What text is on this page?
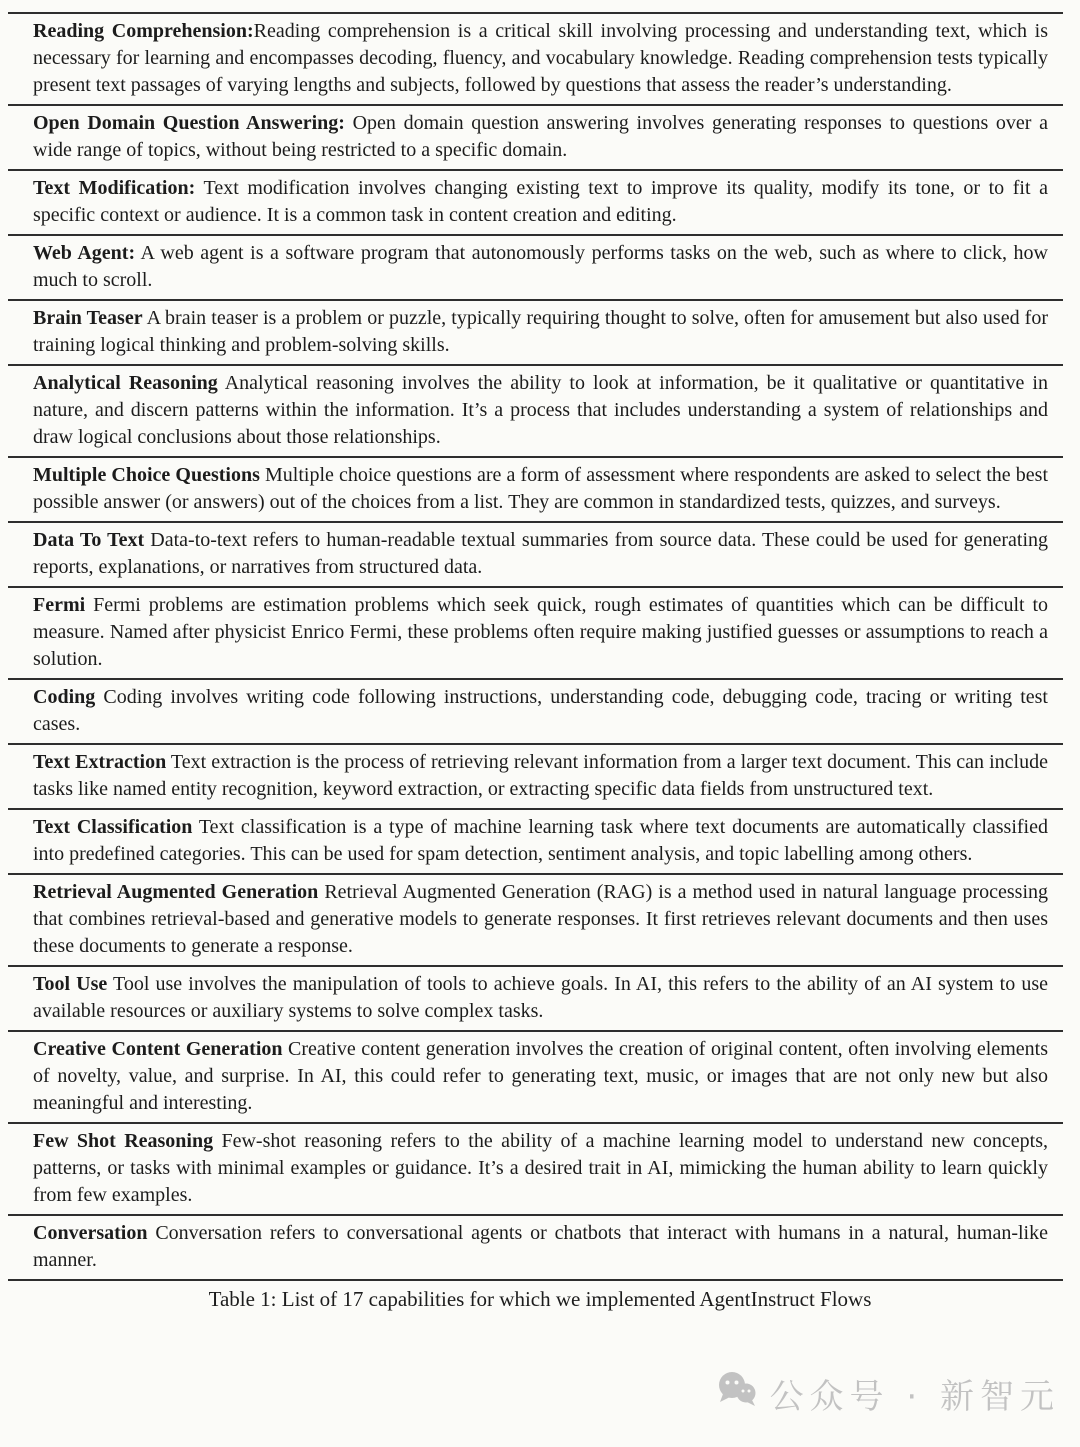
Reading Comprehension:Reading comprehension is a critical skill involving processing and understanding text, which is necessary for learning and encompasses decoding, fluency, and vocabulary knowledge. Reading comprehension tests typically present text passages of varying lengths and subjects, followed by questions that assess the reader’s understanding.

Open Domain Question Answering: Open domain question answering involves generating responses to questions over a wide range of topics, without being restricted to a specific domain.

Text Modification: Text modification involves changing existing text to improve its quality, modify its tone, or to fit a specific context or audience. It is a common task in content creation and editing.

Web Agent: A web agent is a software program that autonomously performs tasks on the web, such as where to click, how much to scroll.

Brain Teaser A brain teaser is a problem or puzzle, typically requiring thought to solve, often for amusement but also used for training logical thinking and problem-solving skills.

Analytical Reasoning Analytical reasoning involves the ability to look at information, be it qualitative or quantitative in nature, and discern patterns within the information. It’s a process that includes understanding a system of relationships and draw logical conclusions about those relationships.

Multiple Choice Questions Multiple choice questions are a form of assessment where respondents are asked to select the best possible answer (or answers) out of the choices from a list. They are common in standardized tests, quizzes, and surveys.

Data To Text Data-to-text refers to human-readable textual summaries from source data. These could be used for generating reports, explanations, or narratives from structured data.

Fermi Fermi problems are estimation problems which seek quick, rough estimates of quantities which can be difficult to measure. Named after physicist Enrico Fermi, these problems often require making justified guesses or assumptions to reach a solution.

Coding Coding involves writing code following instructions, understanding code, debugging code, tracing or writing test cases.

Text Extraction Text extraction is the process of retrieving relevant information from a larger text document. This can include tasks like named entity recognition, keyword extraction, or extracting specific data fields from unstructured text.

Text Classification Text classification is a type of machine learning task where text documents are automatically classified into predefined categories. This can be used for spam detection, sentiment analysis, and topic labelling among others.

Retrieval Augmented Generation Retrieval Augmented Generation (RAG) is a method used in natural language processing that combines retrieval-based and generative models to generate responses. It first retrieves relevant documents and then uses these documents to generate a response.

Tool Use Tool use involves the manipulation of tools to achieve goals. In AI, this refers to the ability of an AI system to use available resources or auxiliary systems to solve complex tasks.

Creative Content Generation Creative content generation involves the creation of original content, often involving elements of novelty, value, and surprise. In AI, this could refer to generating text, music, or images that are not only new but also meaningful and interesting.

Few Shot Reasoning Few-shot reasoning refers to the ability of a machine learning model to understand new concepts, patterns, or tasks with minimal examples or guidance. It’s a desired trait in AI, mimicking the human ability to learn quickly from few examples.

Conversation Conversation refers to conversational agents or chatbots that interact with humans in a natural, human-like manner.

Table 1: List of 17 capabilities for which we implemented AgentInstruct Flows
公众号 · 新智元
